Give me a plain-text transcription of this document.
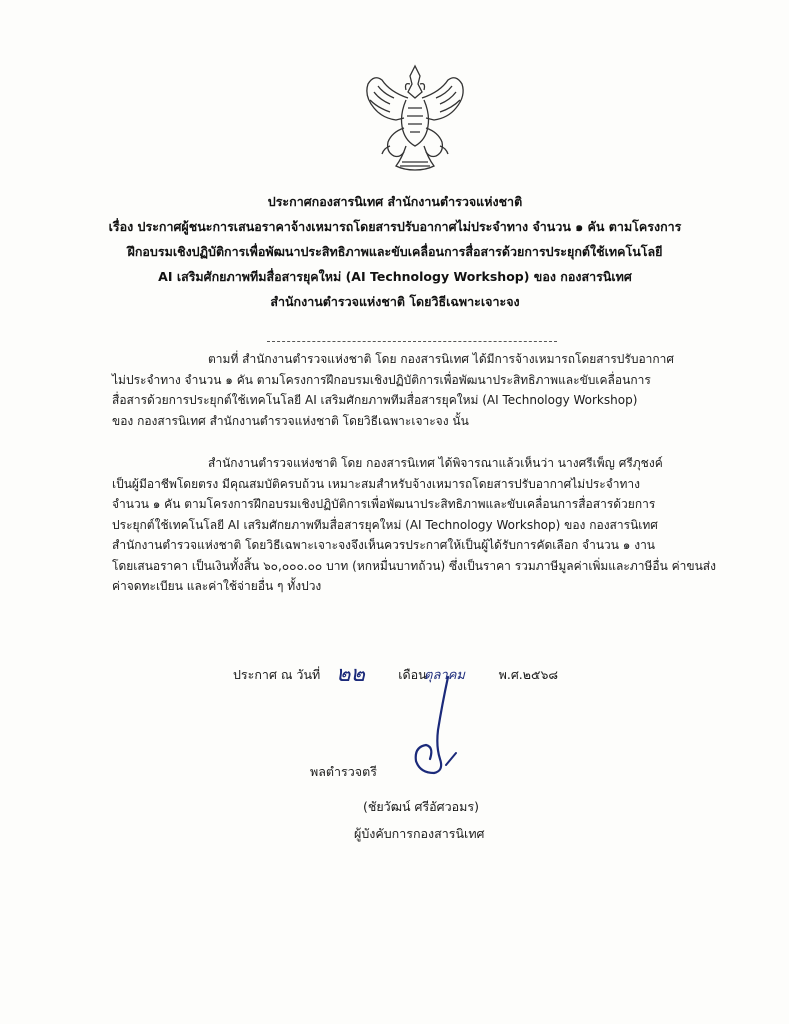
ประกาศกองสารนิเทศ สำนักงานตำรวจแห่งชาติ
เรื่อง ประกาศผู้ชนะการเสนอราคาจ้างเหมารถโดยสารปรับอากาศไม่ประจำทาง จำนวน ๑ คัน ตามโครงการ
ฝึกอบรมเชิงปฏิบัติการเพื่อพัฒนาประสิทธิภาพและขับเคลื่อนการสื่อสารด้วยการประยุกต์ใช้เทคโนโลยี
AI เสริมศักยภาพทีมสื่อสารยุคใหม่ (AI Technology Workshop) ของ กองสารนิเทศ
สำนักงานตำรวจแห่งชาติ โดยวิธีเฉพาะเจาะจง
ตามที่ สำนักงานตำรวจแห่งชาติ โดย กองสารนิเทศ ได้มีการจ้างเหมารถโดยสารปรับอากาศ
ไม่ประจำทาง จำนวน ๑ คัน ตามโครงการฝึกอบรมเชิงปฏิบัติการเพื่อพัฒนาประสิทธิภาพและขับเคลื่อนการ
สื่อสารด้วยการประยุกต์ใช้เทคโนโลยี AI เสริมศักยภาพทีมสื่อสารยุคใหม่ (AI Technology Workshop)
ของ กองสารนิเทศ สำนักงานตำรวจแห่งชาติ โดยวิธีเฉพาะเจาะจง นั้น
สำนักงานตำรวจแห่งชาติ โดย กองสารนิเทศ ได้พิจารณาแล้วเห็นว่า นางศรีเพ็ญ ศรีภุชงค์
เป็นผู้มีอาชีพโดยตรง มีคุณสมบัติครบถ้วน เหมาะสมสำหรับจ้างเหมารถโดยสารปรับอากาศไม่ประจำทาง
จำนวน ๑ คัน ตามโครงการฝึกอบรมเชิงปฏิบัติการเพื่อพัฒนาประสิทธิภาพและขับเคลื่อนการสื่อสารด้วยการ
ประยุกต์ใช้เทคโนโลยี AI เสริมศักยภาพทีมสื่อสารยุคใหม่ (AI Technology Workshop) ของ กองสารนิเทศ
สำนักงานตำรวจแห่งชาติ โดยวิธีเฉพาะเจาะจงจึงเห็นควรประกาศให้เป็นผู้ได้รับการคัดเลือก จำนวน ๑ งาน
โดยเสนอราคา เป็นเงินทั้งสิ้น ๖๐,๐๐๐.๐๐ บาท (หกหมื่นบาทถ้วน) ซึ่งเป็นราคา รวมภาษีมูลค่าเพิ่มและภาษีอื่น ค่าขนส่ง
ค่าจดทะเบียน และค่าใช้จ่ายอื่น ๆ ทั้งปวง
ประกาศ ณ วันที่	เดือน	พ.ศ.๒๕๖๘
๒๒	ตุลาคม
พลตำรวจตรี
(ชัยวัฒน์ ศรีอัศวอมร)
ผู้บังคับการกองสารนิเทศ
